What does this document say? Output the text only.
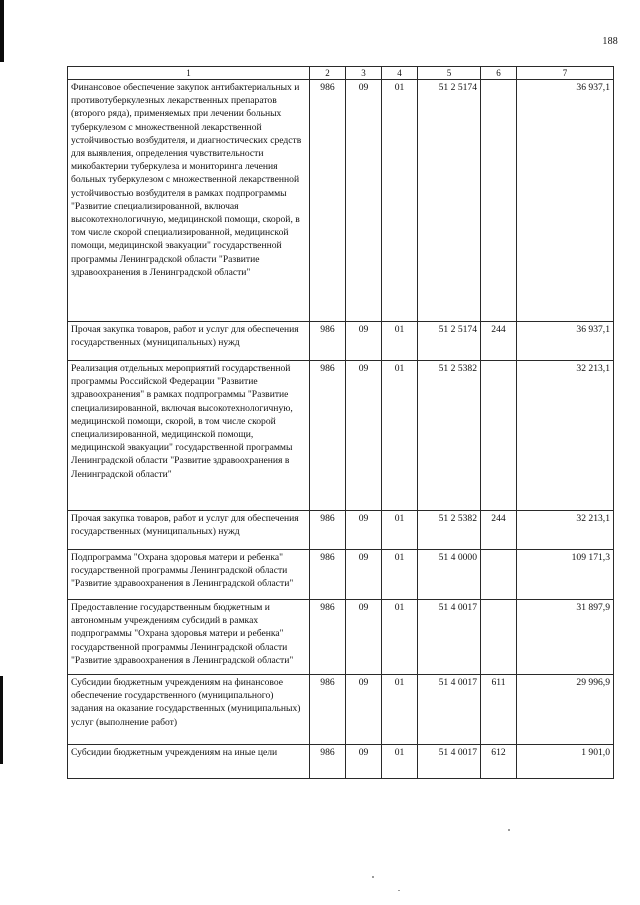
188
1	2	3	4	5	6	7
Финансовое обеспечение закупок антибактериальных и противотуберкулезных лекарственных препаратов (второго ряда), применяемых при лечении больных туберкулезом с множественной лекарственной устойчивостью возбудителя, и диагностических средств для выявления, определения чувствительности микобактерии туберкулеза и мониторинга лечения больных туберкулезом с множественной лекарственной устойчивостью возбудителя в рамках подпрограммы "Развитие специализированной, включая высокотехнологичную, медицинской помощи, скорой, в том числе скорой специализированной, медицинской помощи, медицинской эвакуации" государственной программы Ленинградской области "Развитие здравоохранения в Ленинградской области"	986	09	01	51 2 5174		36 937,1
Прочая закупка товаров, работ и услуг для обеспечения государственных (муниципальных) нужд	986	09	01	51 2 5174	244	36 937,1
Реализация отдельных мероприятий государственной программы Российской Федерации "Развитие здравоохранения" в рамках подпрограммы "Развитие специализированной, включая высокотехнологичную, медицинской помощи, скорой, в том числе скорой специализированной, медицинской помощи, медицинской эвакуации" государственной программы Ленинградской области "Развитие здравоохранения в Ленинградской области"	986	09	01	51 2 5382		32 213,1
Прочая закупка товаров, работ и услуг для обеспечения государственных (муниципальных) нужд	986	09	01	51 2 5382	244	32 213,1
Подпрограмма "Охрана здоровья матери и ребенка" государственной программы Ленинградской области "Развитие здравоохранения в Ленинградской области"	986	09	01	51 4 0000		109 171,3
Предоставление государственным бюджетным и автономным учреждениям субсидий в рамках подпрограммы "Охрана здоровья матери и ребенка" государственной программы Ленинградской области "Развитие здравоохранения в Ленинградской области"	986	09	01	51 4 0017		31 897,9
Субсидии бюджетным учреждениям на финансовое обеспечение государственного (муниципального) задания на оказание государственных (муниципальных) услуг (выполнение работ)	986	09	01	51 4 0017	611	29 996,9
Субсидии бюджетным учреждениям на иные цели	986	09	01	51 4 0017	612	1 901,0
